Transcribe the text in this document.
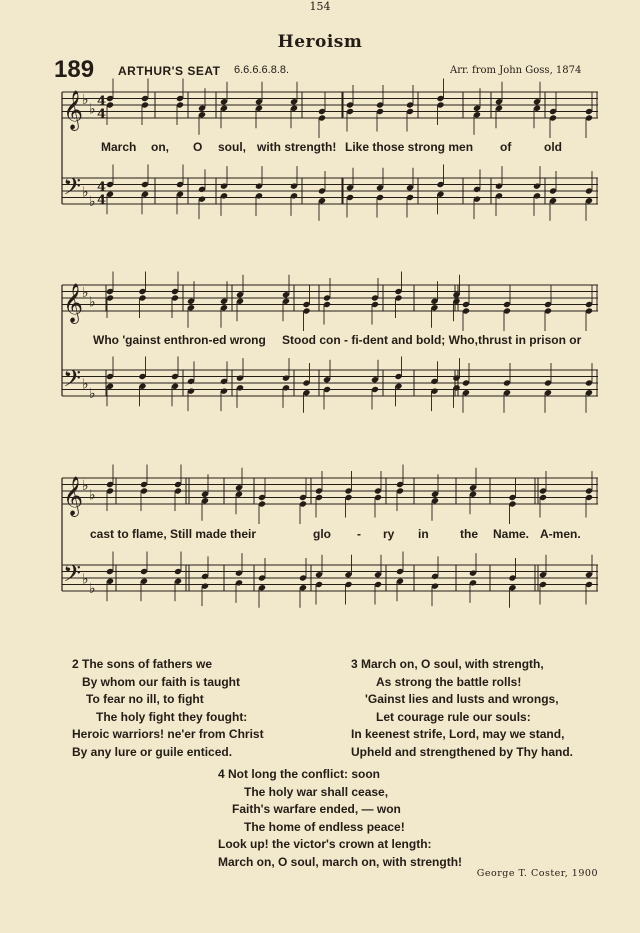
Heroism
189 ARTHUR'S SEAT 6.6.6.6.8.8.	Arr. from John Goss, 1874
𝄞
♭
♭
4
4
𝄢 ♭
♭
4
4
𝄞
♭
♭
𝄢 ♭
♭
𝄞
♭
♭
𝄢 ♭
♭
March on, O soul, with strength! Like those strong men of	old
Who 'gainst enthron-ed wrong Stood con - fi-dent and bold; Who,thrust in prison or
cast to flame, Still made their	glo - ry in	the Name. A-men.
2 The sons of fathers we
By whom our faith is taught
To fear no ill, to fight
The holy fight they fought:
Heroic warriors! ne'er from Christ
By any lure or guile enticed.
3 March on, O soul, with strength,
As strong the battle rolls!
'Gainst lies and lusts and wrongs,
Let courage rule our souls:
In keenest strife, Lord, may we stand,
Upheld and strengthened by Thy hand.
4 Not long the conflict: soon
The holy war shall cease,
Faith's warfare ended, — won
The home of endless peace!
Look up! the victor's crown at length:
March on, O soul, march on, with strength!
George T. Coster, 1900
154
